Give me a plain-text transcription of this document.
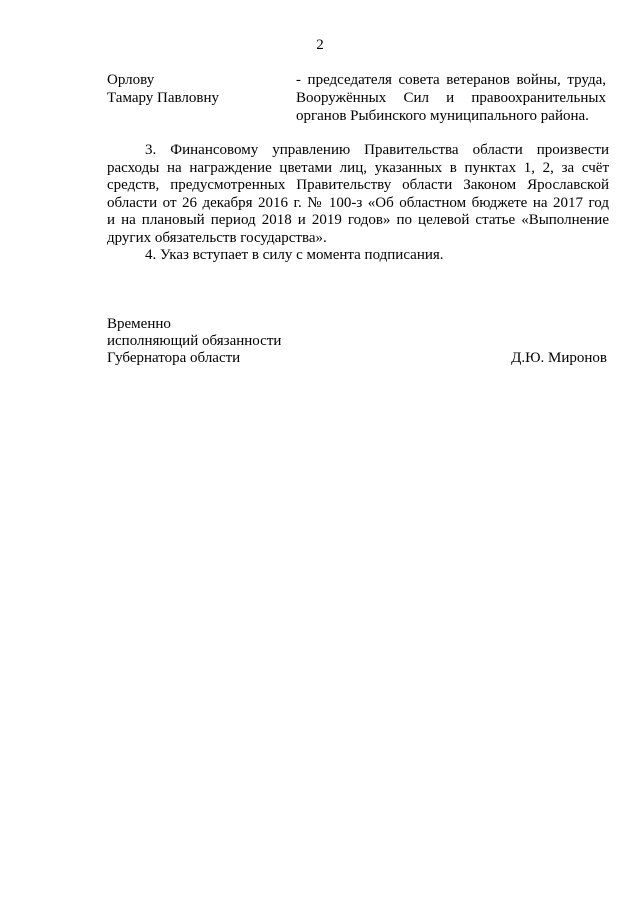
2
Орлову
Тамару Павловну
- председателя совета ветеранов войны, труда,
Вооружённых Сил и правоохранительных
органов Рыбинского муниципального района.
3. Финансовому управлению Правительства области произвести
расходы на награждение цветами лиц, указанных в пунктах 1, 2, за счёт
средств, предусмотренных Правительству области Законом Ярославской
области от 26 декабря 2016 г. № 100-з «Об областном бюджете на 2017 год
и на плановый период 2018 и 2019 годов» по целевой статье «Выполнение
других обязательств государства».
4. Указ вступает в силу с момента подписания.
Временно
исполняющий обязанности
Губернатора области	Д.Ю. Миронов
